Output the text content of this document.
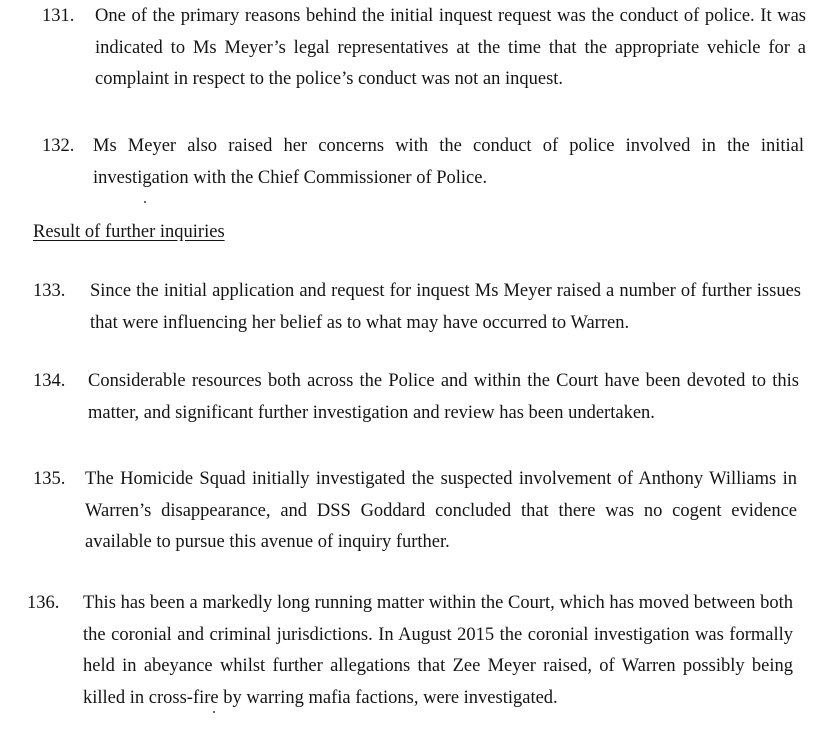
131. One of the primary reasons behind the initial inquest request was the conduct of police. It was indicated to Ms Meyer’s legal representatives at the time that the appropriate vehicle for a complaint in respect to the police’s conduct was not an inquest.
132. Ms Meyer also raised her concerns with the conduct of police involved in the initial investigation with the Chief Commissioner of Police.
Result of further inquiries
133. Since the initial application and request for inquest Ms Meyer raised a number of further issues that were influencing her belief as to what may have occurred to Warren.
134. Considerable resources both across the Police and within the Court have been devoted to this matter, and significant further investigation and review has been undertaken.
135. The Homicide Squad initially investigated the suspected involvement of Anthony Williams in Warren’s disappearance, and DSS Goddard concluded that there was no cogent evidence available to pursue this avenue of inquiry further.
136. This has been a markedly long running matter within the Court, which has moved between both the coronial and criminal jurisdictions. In August 2015 the coronial investigation was formally held in abeyance whilst further allegations that Zee Meyer raised, of Warren possibly being killed in cross-fire by warring mafia factions, were investigated.
